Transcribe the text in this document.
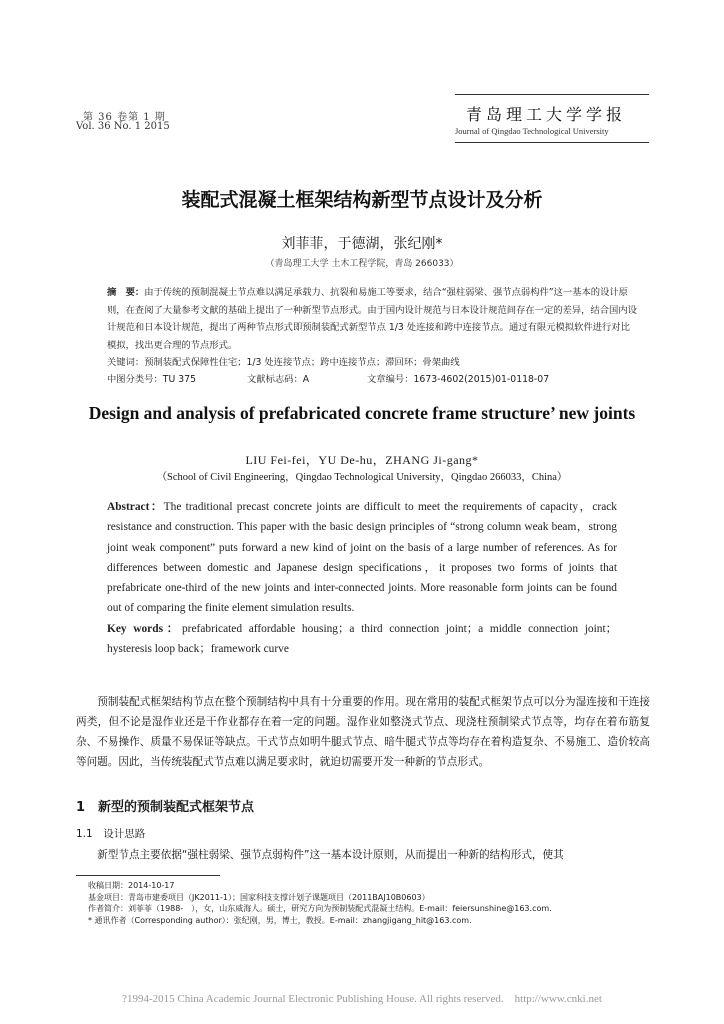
第 36 卷第 1 期
Vol. 36 No. 1 2015
青岛理工大学学报
Journal of Qingdao Technological University
装配式混凝土框架结构新型节点设计及分析
刘菲菲，于德湖，张纪刚*
（青岛理工大学 土木工程学院，青岛 266033）
摘　要：由于传统的预制混凝土节点难以满足承载力、抗裂和易施工等要求，结合“强柱弱梁、强节点弱构件”这一基本的设计原则，在查阅了大量参考文献的基础上提出了一种新型节点形式。由于国内设计规范与日本设计规范间存在一定的差异，结合国内设计规范和日本设计规范，提出了两种节点形式即预制装配式新型节点 1/3 处连接和跨中连接节点。通过有限元模拟软件进行对比模拟，找出更合理的节点形式。
关键词：预制装配式保障性住宅；1/3 处连接节点；跨中连接节点；滞回环；骨架曲线
中图分类号：TU 375	文献标志码：A	文章编号：1673-4602(2015)01-0118-07
Design and analysis of prefabricated concrete frame structure’ new joints
LIU Fei-fei，YU De-hu，ZHANG Ji-gang*
（School of Civil Engineering，Qingdao Technological University，Qingdao 266033，China）
Abstract：The traditional precast concrete joints are difficult to meet the requirements of capacity，crack resistance and construction. This paper with the basic design principles of “strong column weak beam，strong joint weak component” puts forward a new kind of joint on the basis of a large number of references. As for differences between domestic and Japanese design specifications，it proposes two forms of joints that prefabricate one-third of the new joints and inter-connected joints. More reasonable form joints can be found out of comparing the finite element simulation results.
Key words：prefabricated affordable housing；a third connection joint；a middle connection joint；hysteresis loop back；framework curve
预制装配式框架结构节点在整个预制结构中具有十分重要的作用。现在常用的装配式框架节点可以分为湿连接和干连接两类，但不论是湿作业还是干作业都存在着一定的问题。湿作业如整浇式节点、现浇柱预制梁式节点等，均存在着布筋复杂、不易操作、质量不易保证等缺点。干式节点如明牛腿式节点、暗牛腿式节点等均存在着构造复杂、不易施工、造价较高等问题。因此，当传统装配式节点难以满足要求时，就迫切需要开发一种新的节点形式。
1　新型的预制装配式框架节点
1.1　设计思路
新型节点主要依据“强柱弱梁、强节点弱构件”这一基本设计原则，从而提出一种新的结构形式，使其
收稿日期：2014-10-17
基金项目：青岛市建委项目（JK2011-1）；国家科技支撑计划子课题项目（2011BAJ10B0603）
作者简介：刘菲菲（1988-　），女，山东威海人。硕士，研究方向为预制装配式混凝土结构。E-mail：feiersunshine@163.com.
* 通讯作者（Corresponding author）：张纪刚，男，博士，教授。E-mail：zhangjigang_hit@163.com.
?1994-2015 China Academic Journal Electronic Publishing House. All rights reserved.　http://www.cnki.net
